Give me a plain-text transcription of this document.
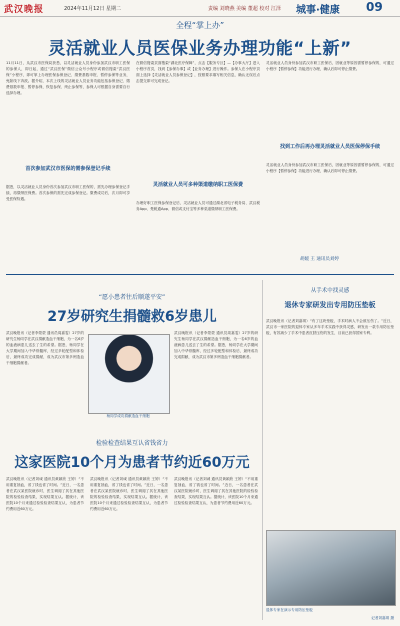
武汉晚报	2024年11月12日 星期二	责编 刘晓燕 美编 董超 校对 江泽 城事·健康 09
全程“掌上办”
灵活就业人员医保业务办理功能“上新”
11月11日，从武汉市医保局获悉，以灵活就业人员身份参加武汉市职工医保的参保人，即日起，通过“武汉医保”微信公众号小程序或微信搜索“武汉医保”小程序，即可掌上办理医保参保登记、缴费基数申报、暂停参保等业务，免除线下奔波。据介绍，本次上线的灵活就业人员业务功能包括参保登记、缴费基数申报、暂停参保、恢复参保、终止参保等，参保人可根据自身需要自行选择办理。
首次参加武汉市医保的需参保登记手续
据悉，以灵活就业人员身份首次参加武汉市职工医保的，需先办理参保登记手续，再缴纳医保费。首次参保的需先完成参保登记。缴费成功后，次月即可享受医保待遇。
在微信搜索页面搜索“湖北医疗保障”，点击【服务专区】—【办事大厅】进入小程序首页，找到【参保办事】或【业务办理】进行操作。参保人在小程序页面上选择【灵活就业人员参保登记】，按照要求填写相关信息，确认无误后点击提交即可完成登记。
灵活就业人员可多种渠道缴纳职工医保费
办理好职工医保参保登记后，灵活就业人员可通过湖北省电子税务局、武汉税务App、楚税通App、微信或支付宝等多种渠道缴纳职工医保费。
灵活就业人员身份参加武汉市职工医保后，因就业等原因需暂停参保的，可通过小程序【暂停参保】功能进行办理，确认后即可停止缴费。
找到工作后再办理灵活就业人员医保停保手续
灵活就业人员身份参加武汉市职工医保后，因就业等原因需暂停参保的，可通过小程序【暂停参保】功能进行办理，确认后即可停止缴费。
胡媛 王 通讯员刘婷
“愿小患者往后顺遂平安”
27岁研究生捐髓救6岁患儿
武汉晚报讯（记者李蒙蒙 通讯员周嘉雯）27岁的研究生杨同学在武汉捐献造血干细胞，为一名6岁的血液病患儿送去了生的希望。据悉，杨同学在大学期间加入中华骨髓库，经过多轮配型和体检后，最终成功完成捐献，成为武汉市第多例造血干细胞捐献者。
杨同学成功捐献造血干细胞
武汉晚报讯（记者李蒙蒙 通讯员周嘉雯）27岁的研究生杨同学在武汉捐献造血干细胞，为一名6岁的血液病患儿送去了生的希望。据悉，杨同学在大学期间加入中华骨髓库，经过多轮配型和体检后，最终成功完成捐献，成为武汉市第多例造血干细胞捐献者。
检验检查结果互认省钱省力
这家医院10个月为患者节约近60万元
武汉晚报讯（记者刘诚 通讯员黄颖欣 王婷）“不用重复抽血，省了钱也省了时间。”近日，一名患者在武汉某医院就诊时，医生调阅了其在其他医院的检验检查结果，实现结果互认。据统计，该医院10个月来通过检验检查结果互认，为患者节约费用近60万元。
武汉晚报讯（记者刘诚 通讯员黄颖欣 王婷）“不用重复抽血，省了钱也省了时间。”近日，一名患者在武汉某医院就诊时，医生调阅了其在其他医院的检验检查结果，实现结果互认。据统计，该医院10个月来通过检验检查结果互认，为患者节约费用近60万元。
武汉晚报讯（记者刘诚 通讯员黄颖欣 王婷）“不用重复抽血，省了钱也省了时间。”近日，一名患者在武汉某医院就诊时，医生调阅了其在其他医院的检验检查结果，实现结果互认。据统计，该医院10个月来通过检验检查结果互认，为患者节约费用近60万元。
从手术中找灵感
退休专家研发出专用防压垫板
武汉晚报讯（记者刘嘉琪）“有了这块垫板，手术时病人不会被压伤了。”近日，武汉市一家医院的退休专家从多年手术实践中获得灵感，研发出一款专用防压垫板，有效减少了手术中患者皮肤压伤的发生，目前已获得国家专利。
退休专家在演示专用防压垫板
记者刘嘉琪 摄
